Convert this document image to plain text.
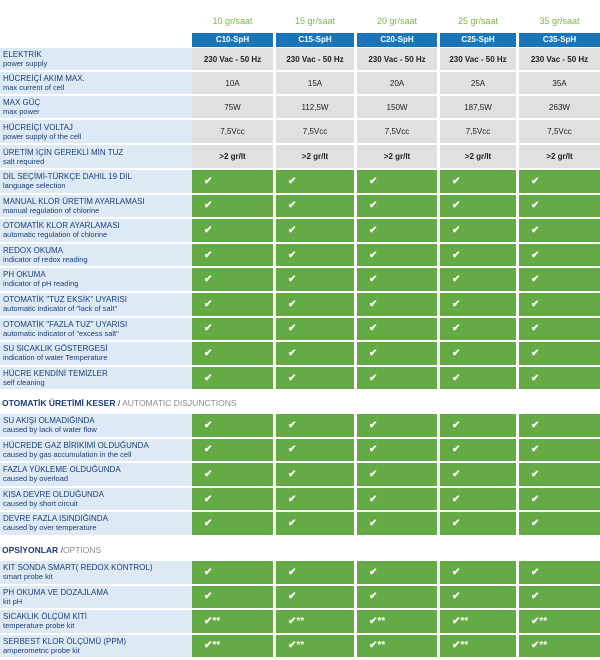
10 gr/saat	15 gr/saat	20 gr/saat	25 gr/saat	35 gr/saat
C10-SpH	C15-SpH	C20-SpH	C25-SpH	C35-SpH
ELEKTRİK
power supply	230 Vac - 50 Hz	230 Vac - 50 Hz	230 Vac - 50 Hz	230 Vac - 50 Hz	230 Vac - 50 Hz
HÜCREİÇİ AKIM MAX.
max current of cell	10A	15A	20A	25A	35A
MAX GÜÇ
max power	75W	112,5W	150W	187,5W	263W
HÜCREİÇİ VOLTAJ
power supply of the cell
7,5Vcc	7,5Vcc	7,5Vcc	7,5Vcc	7,5Vcc
ÜRETİM İÇİN GEREKLİ MİN TUZ
salt required
>2 gr/lt	>2 gr/lt	>2 gr/lt	>2 gr/lt	>2 gr/lt
DİL SEÇİMİ-TÜRKÇE DAHIL 19 DIL
language selection	✔	✔	✔	✔	✔
MANUAL KLOR ÜRETİM AYARLAMASI
manual regulation of chlorine	✔	✔	✔	✔	✔
OTOMATİK KLOR AYARLAMASI
automatic regulation of chlorine	✔	✔	✔	✔	✔
REDOX OKUMA
indicator of redox reading	✔	✔	✔	✔	✔
PH OKUMA
indicator of pH reading	✔	✔	✔	✔	✔
OTOMATİK "TUZ EKSİK" UYARISI
automatic indicator of "lack of salt"	✔	✔	✔	✔	✔
OTOMATİK "FAZLA TUZ" UYARISI
automatic indicator of "excess salt"	✔	✔	✔	✔	✔
SU SICAKLIK GÖSTERGESİ
indication of water Temperature	✔	✔	✔	✔	✔
HÜCRE KENDİNİ TEMİZLER
self cleaning	✔	✔	✔	✔	✔
OTOMATİK ÜRETİMİ KESER / AUTOMATIC DISJUNCTIONS
SU AKIŞI OLMADIĞINDA
caused by lack of water flow	✔	✔	✔	✔	✔
HÜCREDE GAZ BİRİKİMİ OLDUĞUNDA
caused by gas accumulation in the cell	✔	✔	✔	✔	✔
FAZLA YÜKLEME OLDUĞUNDA
caused by overload	✔	✔	✔	✔	✔
KISA DEVRE OLDUĞUNDA
caused by short circuit	✔	✔	✔	✔	✔
DEVRE FAZLA ISINDIĞINDA
caused by over temperature	✔	✔	✔	✔	✔
OPSİYONLAR /OPTIONS
KIT SONDA SMART( REDOX KONTROL)
smart probe kit	✔	✔	✔	✔	✔
PH OKUMA VE DOZAJLAMA
kit pH	✔	✔	✔	✔	✔
SICAKLIK ÖLÇÜM KİTİ
temperature probe kit	✔**	✔**	✔**	✔**	✔**
SERBEST KLOR ÖLÇÜMÜ (PPM)
amperometric probe kit	✔**	✔**	✔**	✔**	✔**
